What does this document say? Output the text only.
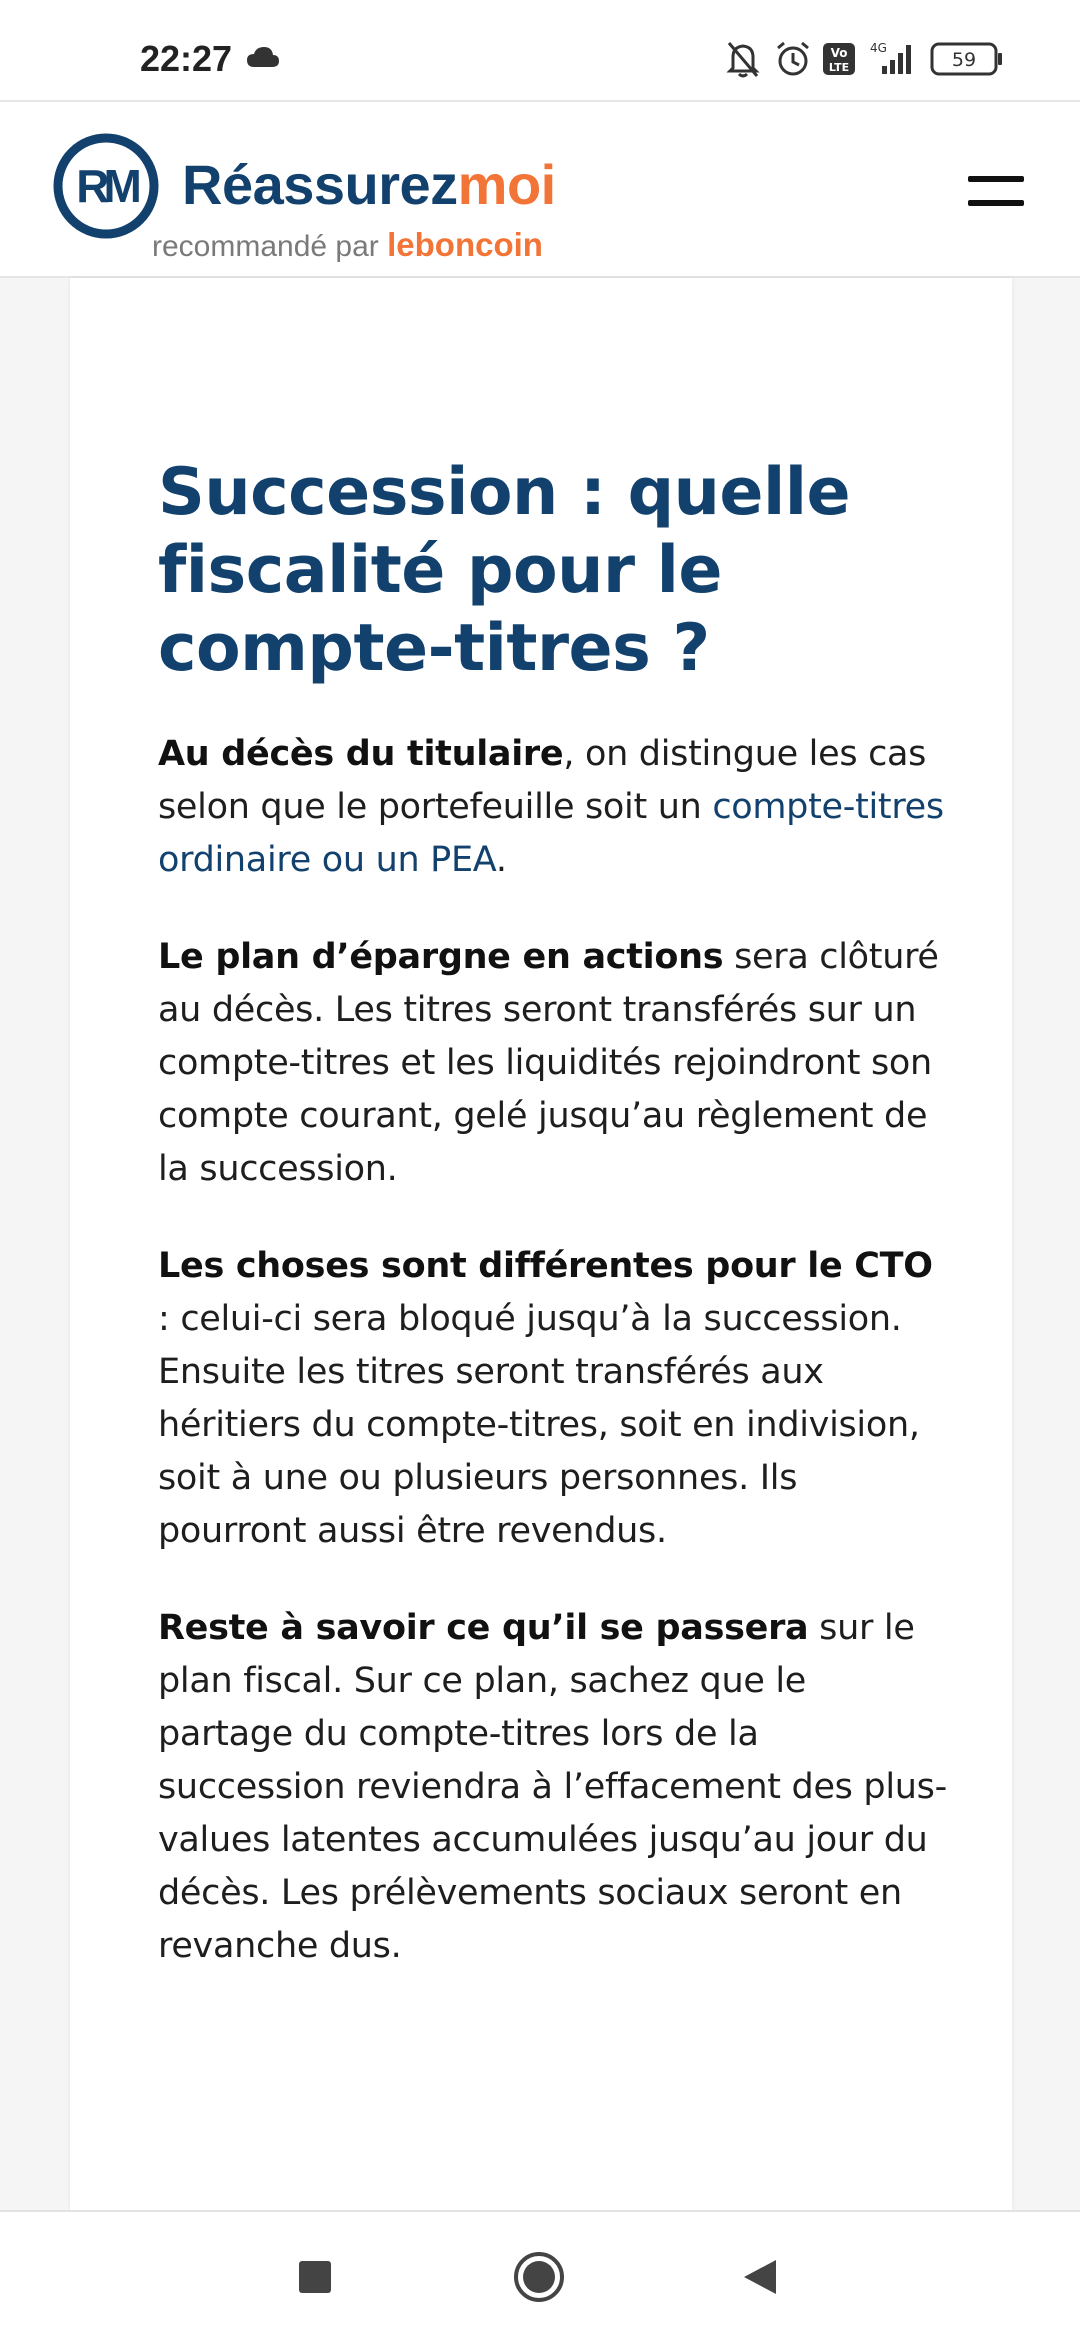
22:27	Vo
LTE
4G
59
RM Réassurezmoi
recommandé par leboncoin
Succession : quelle fiscalité pour le compte-titres ?

Au décès du titulaire, on distingue les cas selon que le portefeuille soit un compte-titres ordinaire ou un PEA.

Le plan d’épargne en actions sera clôturé au décès. Les titres seront transférés sur un compte-titres et les liquidités rejoindront son compte courant, gelé jusqu’au règlement de la succession.

Les choses sont différentes pour le CTO : celui-ci sera bloqué jusqu’à la succession. Ensuite les titres seront transférés aux héritiers du compte-titres, soit en indivision, soit à une ou plusieurs personnes. Ils pourront aussi être revendus.

Reste à savoir ce qu’il se passera sur le plan fiscal. Sur ce plan, sachez que le partage du compte-titres lors de la succession reviendra à l’effacement des plus-values latentes accumulées jusqu’au jour du décès. Les prélèvements sociaux seront en revanche dus.
